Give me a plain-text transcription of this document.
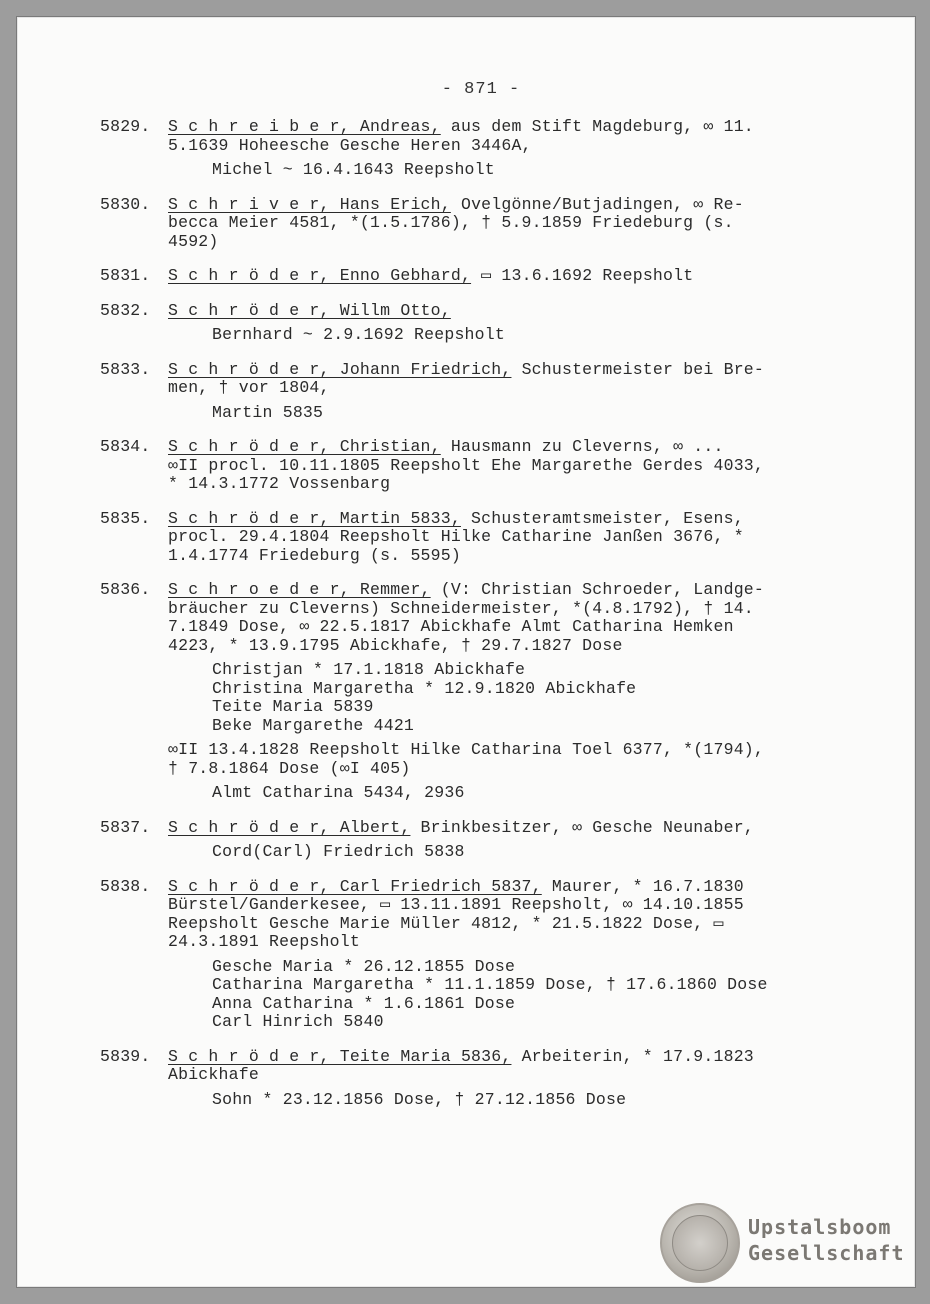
- 871 -
5829.	S c h r e i b e r, Andreas, aus dem Stift Magdeburg, ∞ 11.
5.1639 Hoheesche Gesche Heren 3446A,
Michel ~ 16.4.1643 Reepsholt
5830.	S c h r i v e r, Hans Erich, Ovelgönne/Butjadingen, ∞ Re-
becca Meier 4581, *(1.5.1786), † 5.9.1859 Friedeburg (s.
4592)
5831.	S c h r ö d e r, Enno Gebhard, ▭ 13.6.1692 Reepsholt
5832.	S c h r ö d e r, Willm Otto,
Bernhard ~ 2.9.1692 Reepsholt
5833.	S c h r ö d e r, Johann Friedrich, Schustermeister bei Bre-
men, † vor 1804,
Martin 5835
5834.	S c h r ö d e r, Christian, Hausmann zu Cleverns, ∞ ...
∞II procl. 10.11.1805 Reepsholt Ehe Margarethe Gerdes 4033,
* 14.3.1772 Vossenbarg
5835.	S c h r ö d e r, Martin 5833, Schusteramtsmeister, Esens,
procl. 29.4.1804 Reepsholt Hilke Catharine Janßen 3676, *
1.4.1774 Friedeburg (s. 5595)
5836.	S c h r o e d e r, Remmer, (V: Christian Schroeder, Landge-
bräucher zu Cleverns) Schneidermeister, *(4.8.1792), † 14.
7.1849 Dose, ∞ 22.5.1817 Abickhafe Almt Catharina Hemken
4223, * 13.9.1795 Abickhafe, † 29.7.1827 Dose
Christjan * 17.1.1818 Abickhafe
Christina Margaretha * 12.9.1820 Abickhafe
Teite Maria 5839
Beke Margarethe 4421
∞II 13.4.1828 Reepsholt Hilke Catharina Toel 6377, *(1794),
† 7.8.1864 Dose (∞I 405)
Almt Catharina 5434, 2936
5837.	S c h r ö d e r, Albert, Brinkbesitzer, ∞ Gesche Neunaber,
Cord(Carl) Friedrich 5838
5838.	S c h r ö d e r, Carl Friedrich 5837, Maurer, * 16.7.1830
Bürstel/Ganderkesee, ▭ 13.11.1891 Reepsholt, ∞ 14.10.1855
Reepsholt Gesche Marie Müller 4812, * 21.5.1822 Dose, ▭
24.3.1891 Reepsholt
Gesche Maria * 26.12.1855 Dose
Catharina Margaretha * 11.1.1859 Dose, † 17.6.1860 Dose
Anna Catharina * 1.6.1861 Dose
Carl Hinrich 5840
5839.	S c h r ö d e r, Teite Maria 5836, Arbeiterin, * 17.9.1823
Abickhafe
Sohn * 23.12.1856 Dose, † 27.12.1856 Dose
Upstalsboom
Gesellschaft
